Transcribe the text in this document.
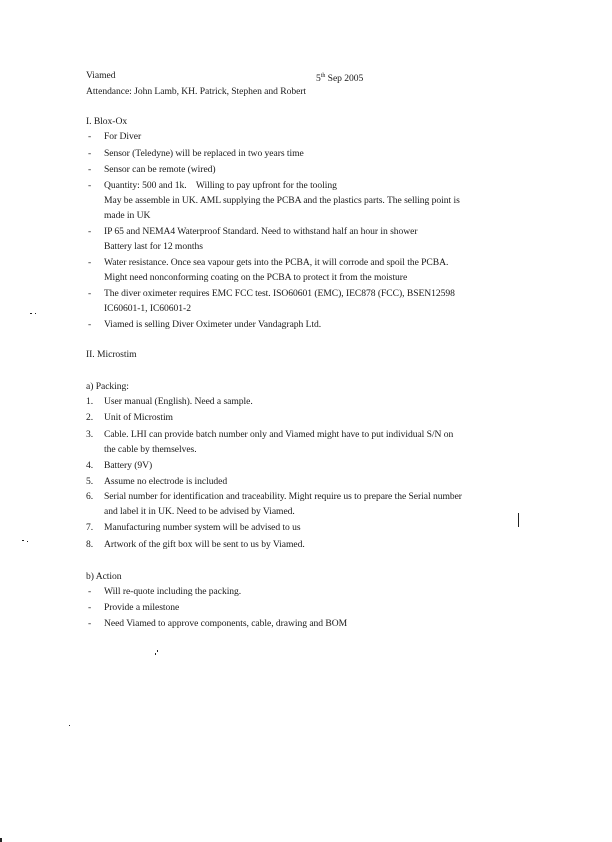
Viamed	5th Sep 2005
Attendance: John Lamb, KH. Patrick, Stephen and Robert
I. Blox-Ox
-	For Diver
-	Sensor (Teledyne) will be replaced in two years time
-	Sensor can be remote (wired)
-	Quantity: 500 and 1k.    Willing to pay upfront for the tooling
May be assemble in UK. AML supplying the PCBA and the plastics parts. The selling point is
made in UK
-	IP 65 and NEMA4 Waterproof Standard. Need to withstand half an hour in shower
Battery last for 12 months
-	Water resistance. Once sea vapour gets into the PCBA, it will corrode and spoil the PCBA.
Might need nonconforming coating on the PCBA to protect it from the moisture
-	The diver oximeter requires EMC FCC test. ISO60601 (EMC), IEC878 (FCC), BSEN12598
IC60601-1, IC60601-2
-	Viamed is selling Diver Oximeter under Vandagraph Ltd.
II. Microstim
a) Packing:
1.	User manual (English). Need a sample.
2.	Unit of Microstim
3.	Cable. LHI can provide batch number only and Viamed might have to put individual S/N on
the cable by themselves.
4.	Battery (9V)
5.	Assume no electrode is included
6.	Serial number for identification and traceability. Might require us to prepare the Serial number
and label it in UK. Need to be advised by Viamed.
7.	Manufacturing number system will be advised to us
8.	Artwork of the gift box will be sent to us by Viamed.
b) Action
-	Will re-quote including the packing.
-	Provide a milestone
-	Need Viamed to approve components, cable, drawing and BOM
